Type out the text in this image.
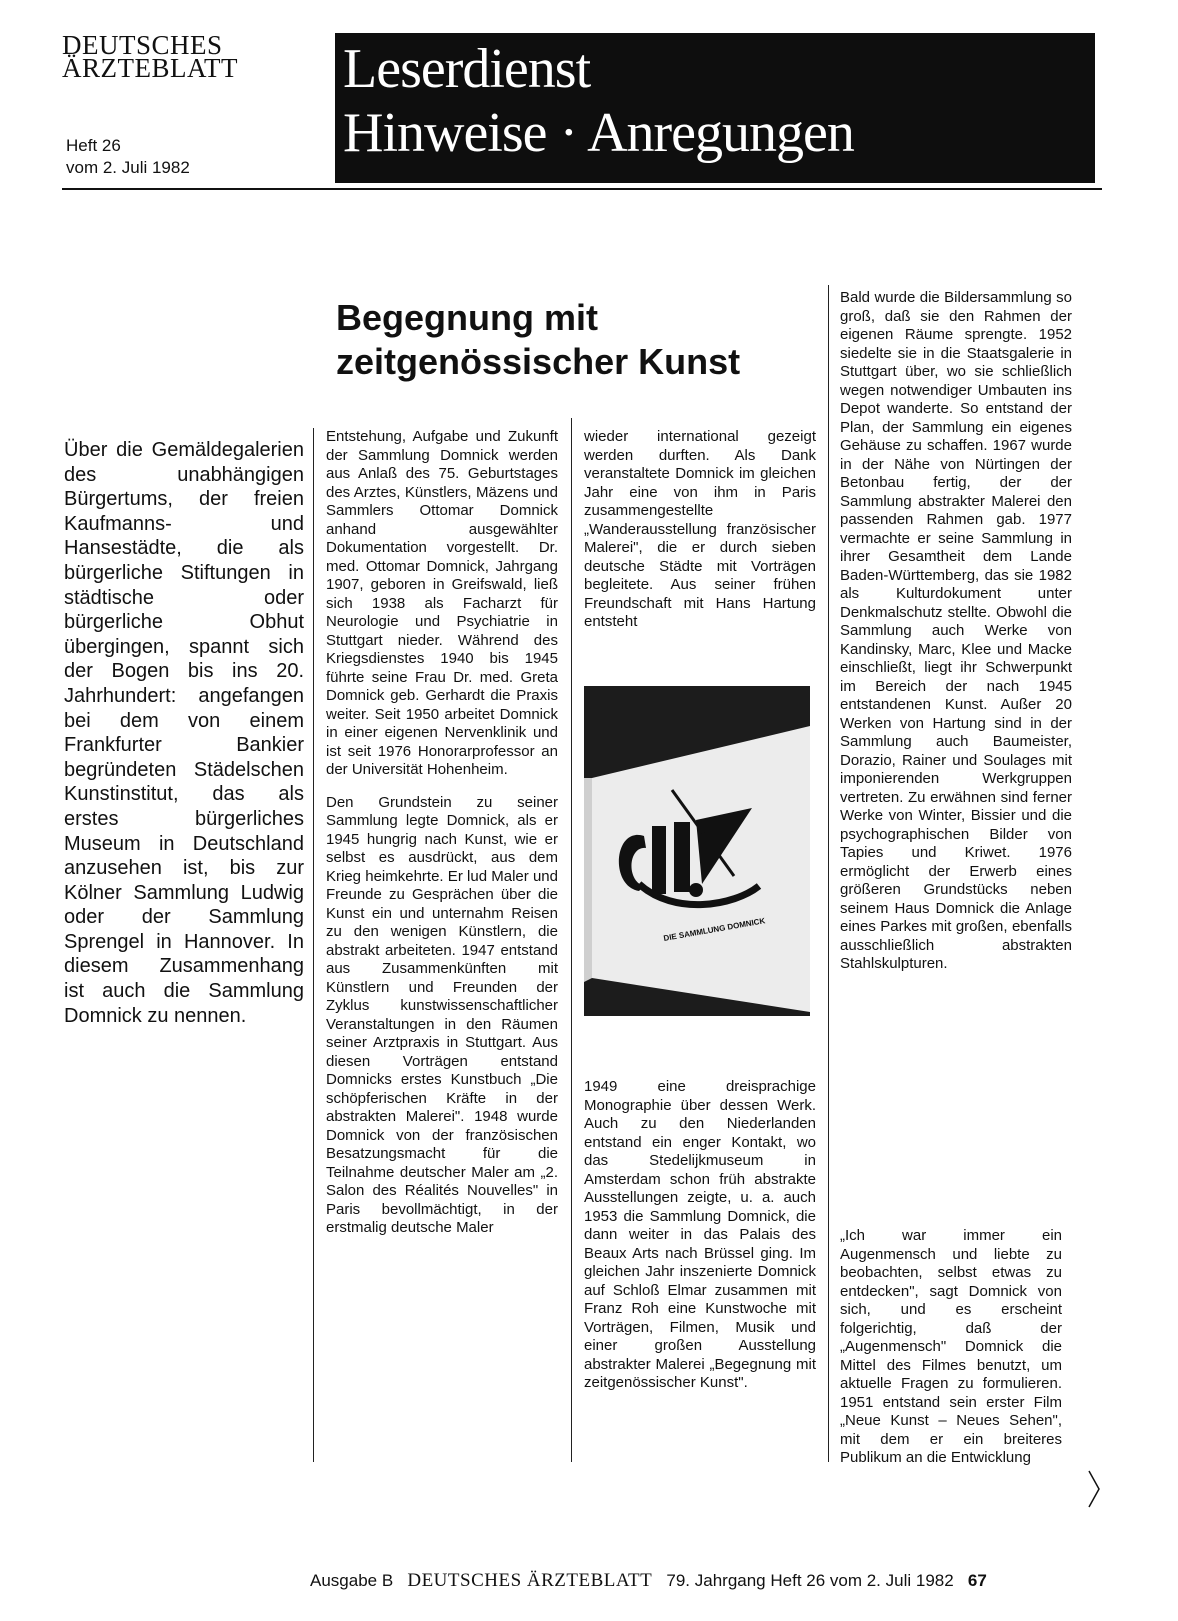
DEUTSCHES
ÄRZTEBLATT
Heft 26
vom 2. Juli 1982
Leserdienst
Hinweise · Anregungen
Begegnung mit
zeitgenössischer Kunst
Über die Gemäldegalerien des unabhängigen Bürgertums, der freien Kaufmanns- und Hansestädte, die als bürgerliche Stiftungen in städtische oder bürgerliche Obhut übergingen, spannt sich der Bogen bis ins 20. Jahrhundert: angefangen bei dem von einem Frankfurter Bankier begründeten Städelschen Kunstinstitut, das als erstes bürgerliches Museum in Deutschland anzusehen ist, bis zur Kölner Sammlung Ludwig oder der Sammlung Sprengel in Hannover. In diesem Zusammenhang ist auch die Sammlung Domnick zu nennen.

Entstehung, Aufgabe und Zukunft der Sammlung Domnick werden aus Anlaß des 75. Geburtstages des Arztes, Künstlers, Mäzens und Sammlers Ottomar Domnick anhand ausgewählter Dokumentation vorgestellt. Dr. med. Ottomar Domnick, Jahrgang 1907, geboren in Greifswald, ließ sich 1938 als Facharzt für Neurologie und Psychiatrie in Stuttgart nieder. Während des Kriegsdienstes 1940 bis 1945 führte seine Frau Dr. med. Greta Domnick geb. Gerhardt die Praxis weiter. Seit 1950 arbeitet Domnick in einer eigenen Nervenklinik und ist seit 1976 Honorarprofessor an der Universität Hohenheim.

Den Grundstein zu seiner Sammlung legte Domnick, als er 1945 hungrig nach Kunst, wie er selbst es ausdrückt, aus dem Krieg heimkehrte. Er lud Maler und Freunde zu Gesprächen über die Kunst ein und unternahm Reisen zu den wenigen Künstlern, die abstrakt arbeiteten. 1947 entstand aus Zusammenkünften mit Künstlern und Freunden der Zyklus kunstwissenschaftlicher Veranstaltungen in den Räumen seiner Arztpraxis in Stuttgart. Aus diesen Vorträgen entstand Domnicks erstes Kunstbuch „Die schöpferischen Kräfte in der abstrakten Malerei". 1948 wurde Domnick von der französischen Besatzungsmacht für die Teilnahme deutscher Maler am „2. Salon des Réalités Nouvelles" in Paris bevollmächtigt, in der erstmalig deutsche Maler

wieder international gezeigt werden durften. Als Dank veranstaltete Domnick im gleichen Jahr eine von ihm in Paris zusammengestellte „Wanderausstellung französischer Malerei", die er durch sieben deutsche Städte mit Vorträgen begleitete. Aus seiner frühen Freundschaft mit Hans Hartung entsteht

DIE SAMMLUNG DOMNICK

1949 eine dreisprachige Monographie über dessen Werk. Auch zu den Niederlanden entstand ein enger Kontakt, wo das Stedelijkmuseum in Amsterdam schon früh abstrakte Ausstellungen zeigte, u. a. auch 1953 die Sammlung Domnick, die dann weiter in das Palais des Beaux Arts nach Brüssel ging. Im gleichen Jahr inszenierte Domnick auf Schloß Elmar zusammen mit Franz Roh eine Kunstwoche mit Vorträgen, Filmen, Musik und einer großen Ausstellung abstrakter Malerei „Begegnung mit zeitgenössischer Kunst".

Bald wurde die Bildersammlung so groß, daß sie den Rahmen der eigenen Räume sprengte. 1952 siedelte sie in die Staatsgalerie in Stuttgart über, wo sie schließlich wegen notwendiger Umbauten ins Depot wanderte. So entstand der Plan, der Sammlung ein eigenes Gehäuse zu schaffen. 1967 wurde in der Nähe von Nürtingen der Betonbau fertig, der der Sammlung abstrakter Malerei den passenden Rahmen gab. 1977 vermachte er seine Sammlung in ihrer Gesamtheit dem Lande Baden-Württemberg, das sie 1982 als Kulturdokument unter Denkmalschutz stellte. Obwohl die Sammlung auch Werke von Kandinsky, Marc, Klee und Macke einschließt, liegt ihr Schwerpunkt im Bereich der nach 1945 entstandenen Kunst. Außer 20 Werken von Hartung sind in der Sammlung auch Baumeister, Dorazio, Rainer und Soulages mit imponierenden Werkgruppen vertreten. Zu erwähnen sind ferner Werke von Winter, Bissier und die psychographischen Bilder von Tapies und Kriwet. 1976 ermöglicht der Erwerb eines größeren Grundstücks neben seinem Haus Domnick die Anlage eines Parkes mit großen, ebenfalls ausschließlich abstrakten Stahlskulpturen.

„Ich war immer ein Augenmensch und liebte zu beobachten, selbst etwas zu entdecken", sagt Domnick von sich, und es erscheint folgerichtig, daß der „Augenmensch" Domnick die Mittel des Filmes benutzt, um aktuelle Fragen zu formulieren. 1951 entstand sein erster Film „Neue Kunst – Neues Sehen", mit dem er ein breiteres Publikum an die Entwicklung

Ausgabe B DEUTSCHES ÄRZTEBLATT 79. Jahrgang Heft 26 vom 2. Juli 1982 67
